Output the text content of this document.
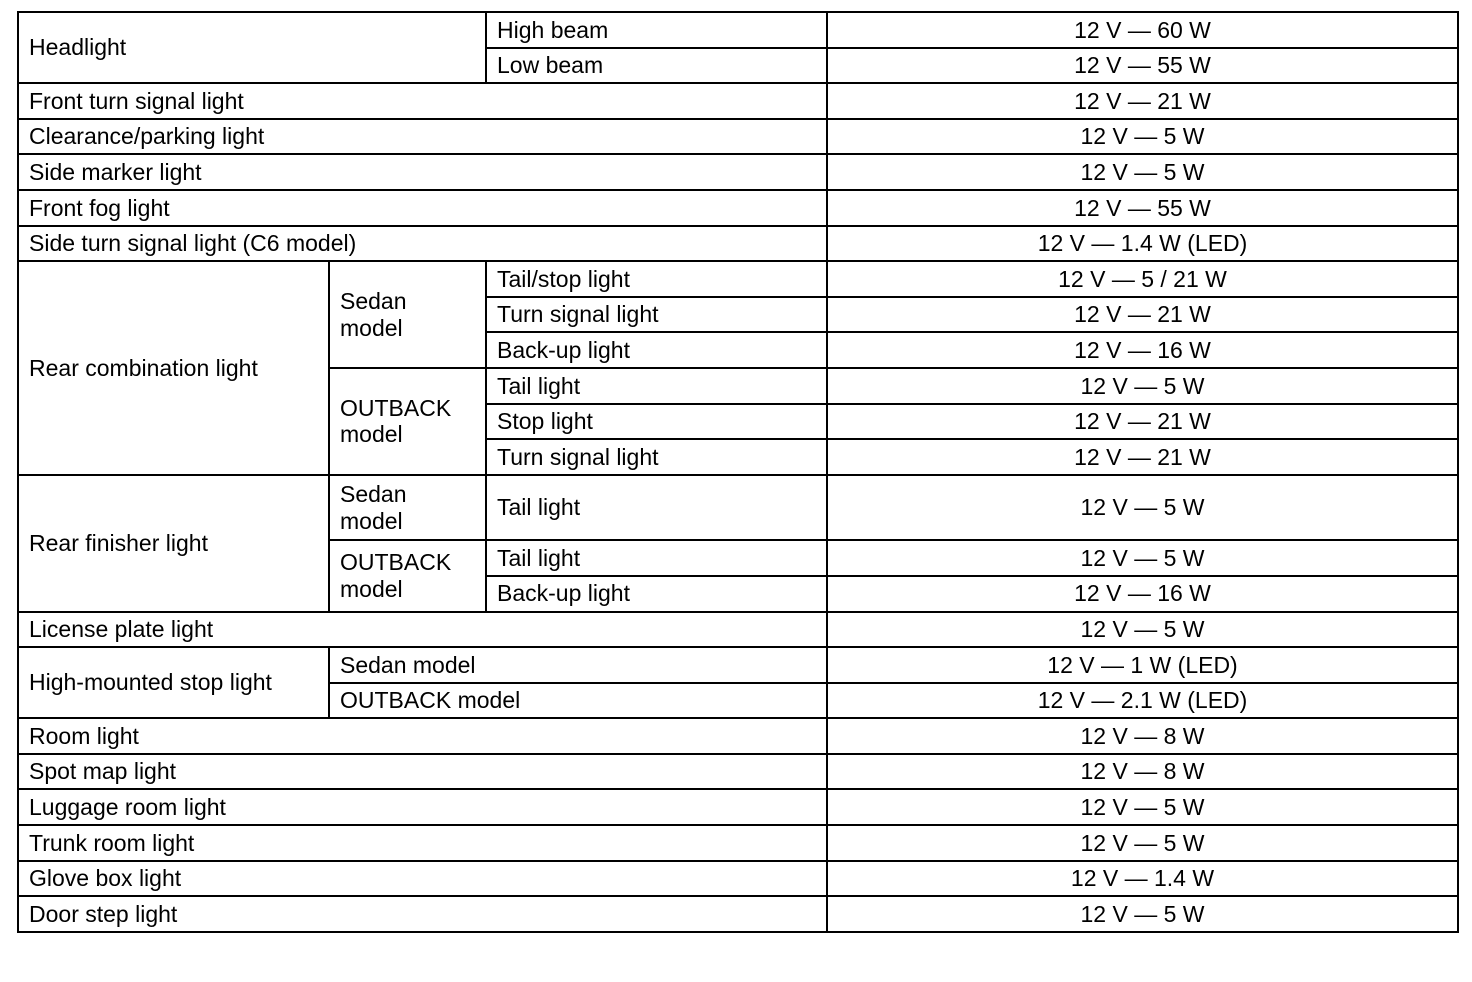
Headlight		High beam	12 V — 60 W
		Low beam	12 V — 55 W
Front turn signal light			12 V — 21 W
Clearance/parking light			12 V — 5 W
Side marker light			12 V — 5 W
Front fog light			12 V — 55 W
Side turn signal light (C6 model)			12 V — 1.4 W (LED)
Rear combination light	Sedan model	Tail/stop light	12 V — 5 / 21 W
		Turn signal light	12 V — 21 W
		Back-up light	12 V — 16 W
	OUTBACK model	Tail light	12 V — 5 W
		Stop light	12 V — 21 W
		Turn signal light	12 V — 21 W
Rear finisher light	Sedan model	Tail light	12 V — 5 W
	OUTBACK model	Tail light	12 V — 5 W
		Back-up light	12 V — 16 W
License plate light			12 V — 5 W
High-mounted stop light	Sedan model		12 V — 1 W (LED)
	OUTBACK model		12 V — 2.1 W (LED)
Room light			12 V — 8 W
Spot map light			12 V — 8 W
Luggage room light			12 V — 5 W
Trunk room light			12 V — 5 W
Glove box light			12 V — 1.4 W
Door step light			12 V — 5 W
